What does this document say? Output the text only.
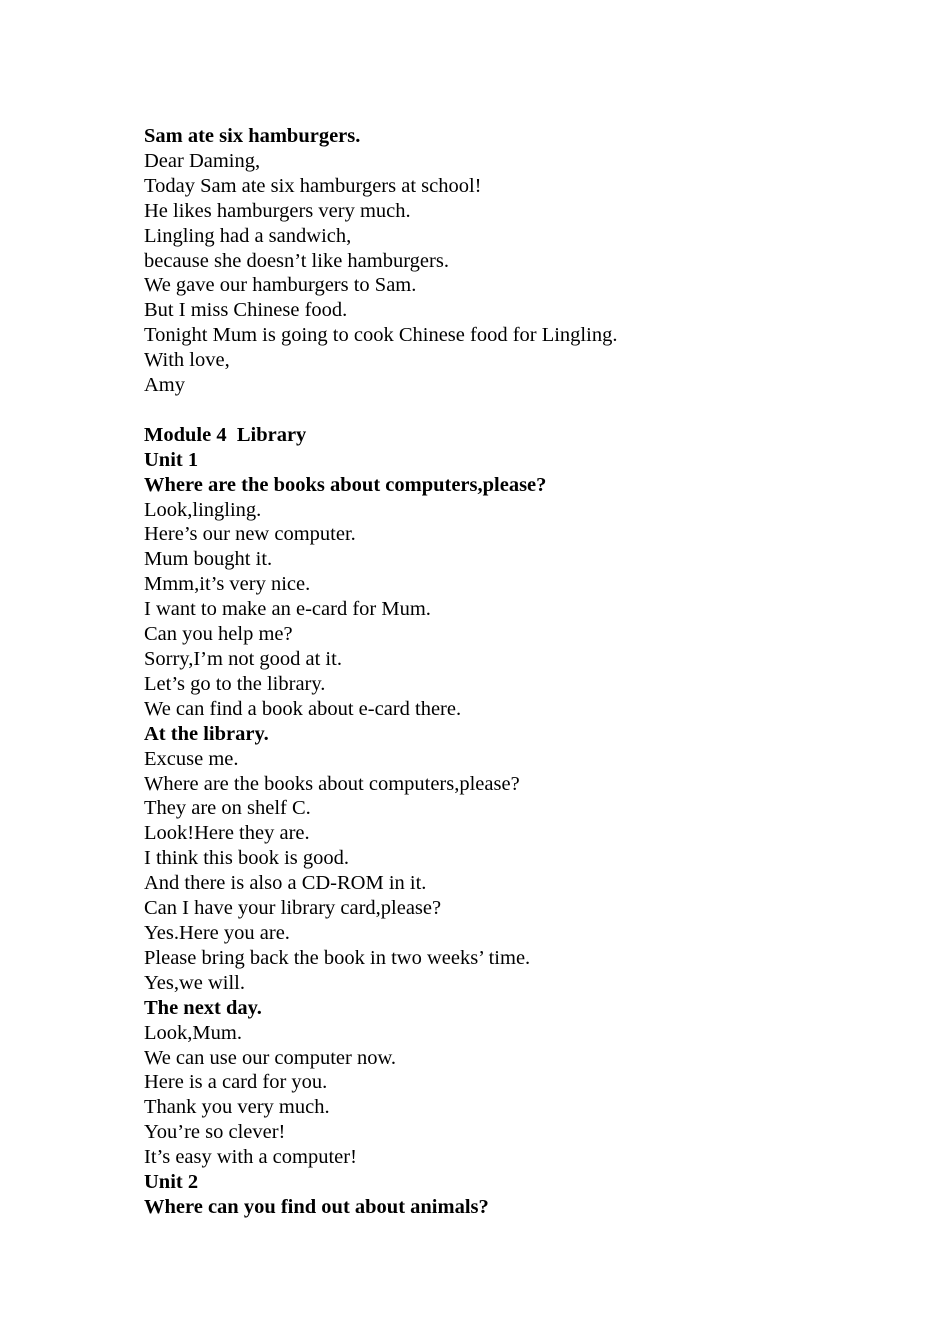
Sam ate six hamburgers.
Dear Daming,
Today Sam ate six hamburgers at school!
He likes hamburgers very much.
Lingling had a sandwich,
because she doesn’t like hamburgers.
We gave our hamburgers to Sam.
But I miss Chinese food.
Tonight Mum is going to cook Chinese food for Lingling.
With love,
Amy
Module 4  Library
Unit 1
Where are the books about computers,please?
Look,lingling.
Here’s our new computer.
Mum bought it.
Mmm,it’s very nice.
I want to make an e-card for Mum.
Can you help me?
Sorry,I’m not good at it.
Let’s go to the library.
We can find a book about e-card there.
At the library.
Excuse me.
Where are the books about computers,please?
They are on shelf C.
Look!Here they are.
I think this book is good.
And there is also a CD-ROM in it.
Can I have your library card,please?
Yes.Here you are.
Please bring back the book in two weeks’ time.
Yes,we will.
The next day.
Look,Mum.
We can use our computer now.
Here is a card for you.
Thank you very much.
You’re so clever!
It’s easy with a computer!
Unit 2
Where can you find out about animals?
